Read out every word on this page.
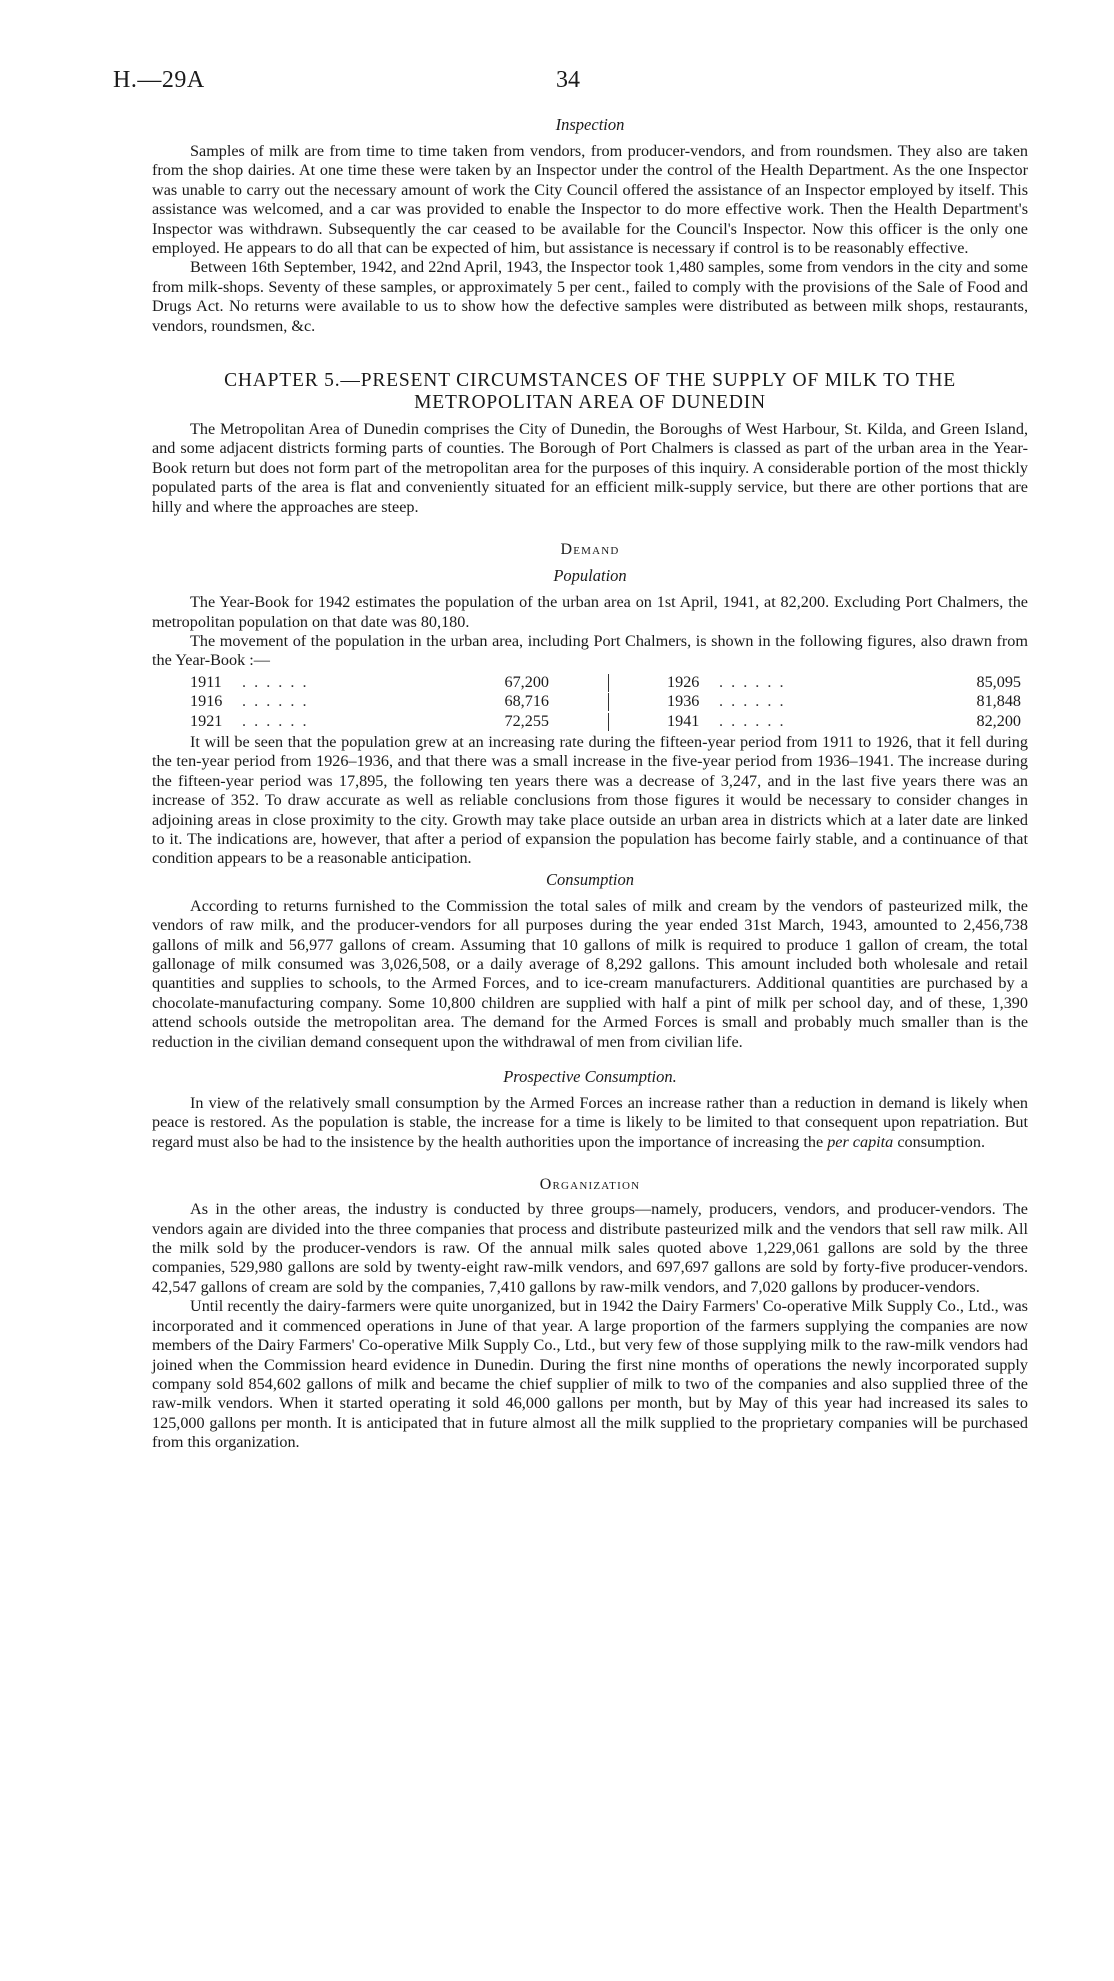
H.—29A	34

Inspection

Samples of milk are from time to time taken from vendors, from producer-vendors, and from roundsmen. They also are taken from the shop dairies. At one time these were taken by an Inspector under the control of the Health Department. As the one Inspector was unable to carry out the necessary amount of work the City Council offered the assistance of an Inspector employed by itself. This assistance was welcomed, and a car was provided to enable the Inspector to do more effective work. Then the Health Department's Inspector was withdrawn. Subsequently the car ceased to be available for the Council's Inspector. Now this officer is the only one employed. He appears to do all that can be expected of him, but assistance is necessary if control is to be reasonably effective.

Between 16th September, 1942, and 22nd April, 1943, the Inspector took 1,480 samples, some from vendors in the city and some from milk-shops. Seventy of these samples, or approximately 5 per cent., failed to comply with the provisions of the Sale of Food and Drugs Act. No returns were available to us to show how the defective samples were distributed as between milk shops, restaurants, vendors, roundsmen, &c.

CHAPTER 5.—PRESENT CIRCUMSTANCES OF THE SUPPLY OF MILK TO THE

METROPOLITAN AREA OF DUNEDIN

The Metropolitan Area of Dunedin comprises the City of Dunedin, the Boroughs of West Harbour, St. Kilda, and Green Island, and some adjacent districts forming parts of counties. The Borough of Port Chalmers is classed as part of the urban area in the Year-Book return but does not form part of the metropolitan area for the purposes of this inquiry. A considerable portion of the most thickly populated parts of the area is flat and conveniently situated for an efficient milk-supply service, but there are other portions that are hilly and where the approaches are steep.

Demand

Population

The Year-Book for 1942 estimates the population of the urban area on 1st April, 1941, at 82,200. Excluding Port Chalmers, the metropolitan population on that date was 80,180.

The movement of the population in the urban area, including Port Chalmers, is shown in the following figures, also drawn from the Year-Book :—

1911	. . . . . .	67,200		1926	. . . . . .	85,095
1916	. . . . . .	68,716		1936	. . . . . .	81,848
1921	. . . . . .	72,255		1941	. . . . . .	82,200

It will be seen that the population grew at an increasing rate during the fifteen-year period from 1911 to 1926, that it fell during the ten-year period from 1926–1936, and that there was a small increase in the five-year period from 1936–1941. The increase during the fifteen-year period was 17,895, the following ten years there was a decrease of 3,247, and in the last five years there was an increase of 352. To draw accurate as well as reliable conclusions from those figures it would be necessary to consider changes in adjoining areas in close proximity to the city. Growth may take place outside an urban area in districts which at a later date are linked to it. The indications are, however, that after a period of expansion the population has become fairly stable, and a continuance of that condition appears to be a reasonable anticipation.

Consumption

According to returns furnished to the Commission the total sales of milk and cream by the vendors of pasteurized milk, the vendors of raw milk, and the producer-vendors for all purposes during the year ended 31st March, 1943, amounted to 2,456,738 gallons of milk and 56,977 gallons of cream. Assuming that 10 gallons of milk is required to produce 1 gallon of cream, the total gallonage of milk consumed was 3,026,508, or a daily average of 8,292 gallons. This amount included both wholesale and retail quantities and supplies to schools, to the Armed Forces, and to ice-cream manufacturers. Additional quantities are purchased by a chocolate-manufacturing company. Some 10,800 children are supplied with half a pint of milk per school day, and of these, 1,390 attend schools outside the metropolitan area. The demand for the Armed Forces is small and probably much smaller than is the reduction in the civilian demand consequent upon the withdrawal of men from civilian life.

Prospective Consumption.

In view of the relatively small consumption by the Armed Forces an increase rather than a reduction in demand is likely when peace is restored. As the population is stable, the increase for a time is likely to be limited to that consequent upon repatriation. But regard must also be had to the insistence by the health authorities upon the importance of increasing the per capita consumption.

Organization

As in the other areas, the industry is conducted by three groups—namely, producers, vendors, and producer-vendors. The vendors again are divided into the three companies that process and distribute pasteurized milk and the vendors that sell raw milk. All the milk sold by the producer-vendors is raw. Of the annual milk sales quoted above 1,229,061 gallons are sold by the three companies, 529,980 gallons are sold by twenty-eight raw-milk vendors, and 697,697 gallons are sold by forty-five producer-vendors. 42,547 gallons of cream are sold by the companies, 7,410 gallons by raw-milk vendors, and 7,020 gallons by producer-vendors.

Until recently the dairy-farmers were quite unorganized, but in 1942 the Dairy Farmers' Co-operative Milk Supply Co., Ltd., was incorporated and it commenced operations in June of that year. A large proportion of the farmers supplying the companies are now members of the Dairy Farmers' Co-operative Milk Supply Co., Ltd., but very few of those supplying milk to the raw-milk vendors had joined when the Commission heard evidence in Dunedin. During the first nine months of operations the newly incorporated supply company sold 854,602 gallons of milk and became the chief supplier of milk to two of the companies and also supplied three of the raw-milk vendors. When it started operating it sold 46,000 gallons per month, but by May of this year had increased its sales to 125,000 gallons per month. It is anticipated that in future almost all the milk supplied to the proprietary companies will be purchased from this organization.
